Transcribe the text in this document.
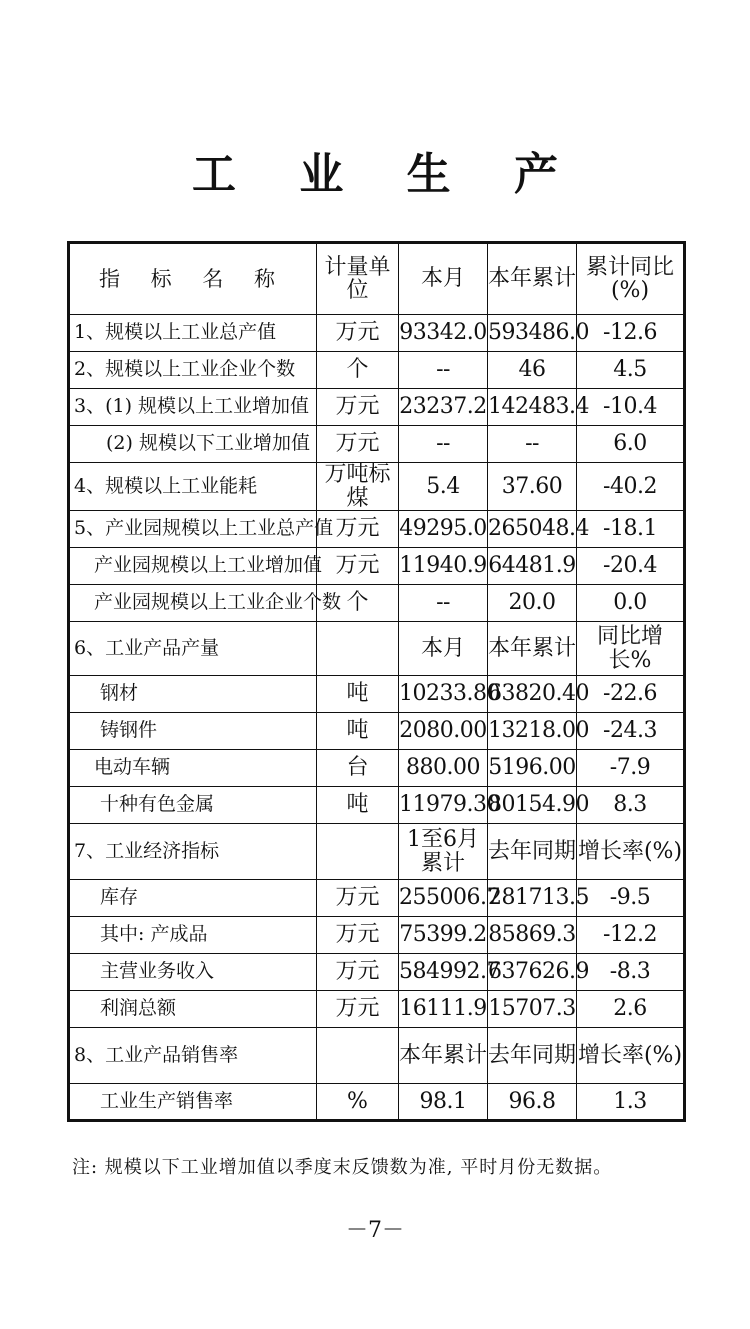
工 业 生 产
指 标 名 称	计量单位	本月	本年累计	累计同比(%)
1、规模以上工业总产值	万元	93342.0	593486.0	-12.6
2、规模以上工业企业个数	个	--	46	4.5
3、(1) 规模以上工业增加值	万元	23237.2	142483.4	-10.4
(2) 规模以下工业增加值	万元	--	--	6.0
4、规模以上工业能耗	万吨标煤	5.4	37.60	-40.2
5、产业园规模以上工业总产值	万元	49295.0	265048.4	-18.1
产业园规模以上工业增加值	万元	11940.9	64481.9	-20.4
产业园规模以上工业企业个数	个	--	20.0	0.0
6、工业产品产量		本月	本年累计	同比增长%
钢材	吨	10233.80	63820.40	-22.6
铸钢件	吨	2080.00	13218.00	-24.3
电动车辆	台	880.00	5196.00	-7.9
十种有色金属	吨	11979.30	80154.90	8.3
7、工业经济指标		1至6月累计	去年同期	增长率(%)
库存	万元	255006.7	281713.5	-9.5
其中: 产成品	万元	75399.2	85869.3	-12.2
主营业务收入	万元	584992.7	637626.9	-8.3
利润总额	万元	16111.9	15707.3	2.6
8、工业产品销售率		本年累计	去年同期	增长率(%)
工业生产销售率	%	98.1	96.8	1.3
注: 规模以下工业增加值以季度末反馈数为准, 平时月份无数据。
－7－
